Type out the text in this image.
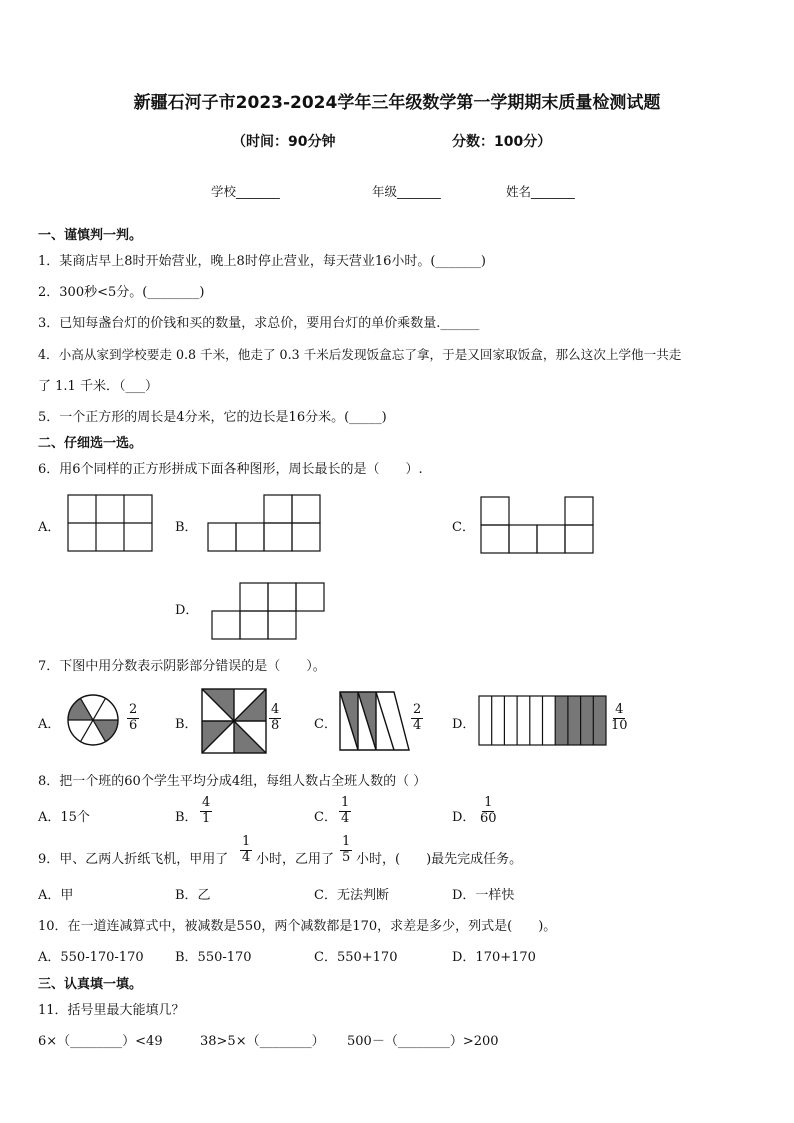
新疆石河子市2023-2024学年三年级数学第一学期期末质量检测试题
（时间：90分钟	分数：100分）
学校_______	年级_______	姓名_______
一、谨慎判一判。
1．某商店早上8时开始营业，晚上8时停止营业，每天营业16小时。(_______)
2．300秒<5分。(________)
3．已知每盏台灯的价钱和买的数量，求总价，要用台灯的单价乘数量.______
4．小高从家到学校要走 0.8 千米，他走了 0.3 千米后发现饭盒忘了拿，于是又回家取饭盒，那么这次上学他一共走
了 1.1 千米．（___）
5．一个正方形的周长是4分米，它的边长是16分米。(_____)
二、仔细选一选。
6．用6个同样的正方形拼成下面各种图形，周长最长的是（　　）.
A．	B．	C．
D．
7．下图中用分数表示阴影部分错误的是（　　）。
A．	$\frac{2}{6}$	B．	$\frac{4}{8}$	C．	$\frac{2}{4}$ D．	$\frac{4}{10}$
8．把一个班的60个学生平均分成4组，每组人数占全班人数的（ ）
A．15个	B． $\frac{4}{1}$	C． $\frac{1}{4}$	D． $\frac{1}{60}$
9．甲、乙两人折纸飞机，甲用了 $\frac{1}{4}$ 小时，乙用了 $\frac{1}{5}$ 小时，(　　)最先完成任务。
A．甲	B．乙	C．无法判断	D．一样快
10．在一道连减算式中，被减数是550，两个减数都是170，求差是多少，列式是(　　)。
A．550-170-170 B．550-170	C．550+170	D．170+170
三、认真填一填。
11．括号里最大能填几？
6×（________）<49	38>5×（________） 500－（________）>200
